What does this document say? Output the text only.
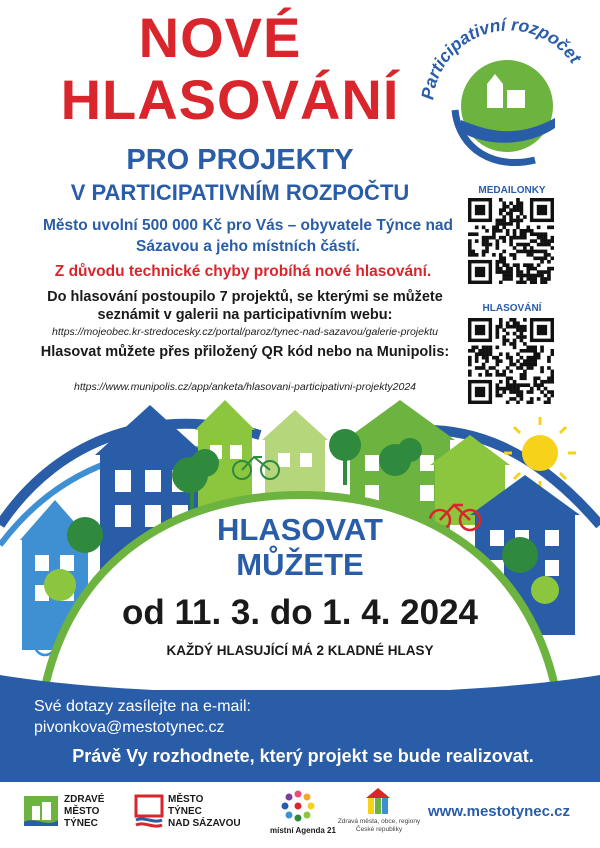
NOVÉ
HLASOVÁNÍ
PRO PROJEKTY
V PARTICIPATIVNÍM ROZPOČTU
Participativní rozpočet
Město uvolní 500 000 Kč pro Vás – obyvatele Týnce nad Sázavou a jeho místních částí.
Z důvodu technické chyby probíhá nové hlasování.
Do hlasování postoupilo 7 projektů, se kterými se můžete seznámit v galerii na participativním webu:
https://mojeobec.kr-stredocesky.cz/portal/paroz/tynec-nad-sazavou/galerie-projektu
Hlasovat můžete přes přiložený QR kód nebo na Munipolis:
https://www.munipolis.cz/app/anketa/hlasovani-participativni-projekty2024
MEDAILONKY
HLASOVÁNÍ
HLASOVAT
MŮŽETE
od 11. 3. do 1. 4. 2024
KAŽDÝ HLASUJÍCÍ MÁ 2 KLADNÉ HLASY
Své dotazy zasílejte na e-mail:
pivonkova@mestotynec.cz
Právě Vy rozhodnete, který projekt se bude realizovat.
ZDRAVÉ
MĚSTO
TÝNEC
MĚSTO
TÝNEC
NAD SÁZAVOU
místní Agenda 21
Zdravá města, obce, regiony
České republiky
www.mestotynec.cz
